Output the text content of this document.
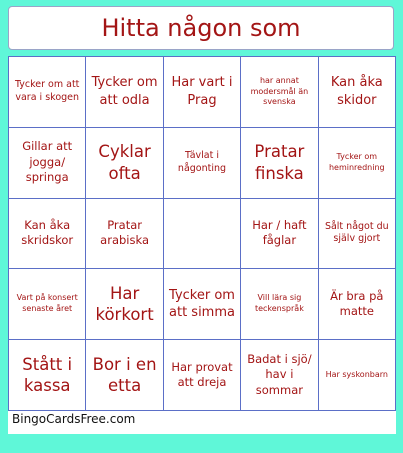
Hitta någon som
Tycker om att vara i skogen
Tycker om att odla
Har vart i Prag
har annat modersmål än svenska
Kan åka skidor
Gillar att jogga/ springa
Cyklar ofta
Tävlat i någonting
Pratar finska
Tycker om heminredning
Kan åka skridskor
Pratar arabiska
Har / haft fåglar
Sålt något du själv gjort
Vart på konsert senaste året
Har körkort
Tycker om att simma
Vill lära sig teckenspråk
Är bra på matte
Stått i kassa
Bor i en etta
Har provat att dreja
Badat i sjö/ hav i sommar
Har syskonbarn
BingoCardsFree.com
